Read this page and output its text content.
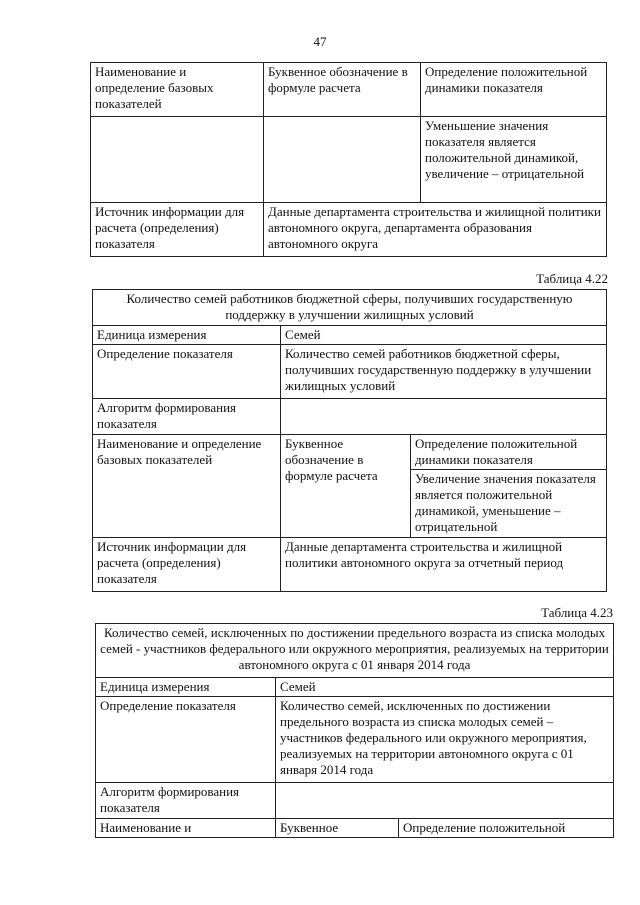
47
Наименование и определение базовых показателей	Буквенное обозначение в формуле расчета	Определение положительной динамики показателя
		Уменьшение значения показателя является положительной динамикой, увеличение – отрицательной
Источник информации для расчета (определения) показателя	Данные департамента строительства и жилищной политики автономного округа, департамента образования автономного округа	
Таблица 4.22
Количество семей работников бюджетной сферы, получивших государственную поддержку в улучшении жилищных условий		
Единица измерения	Семей	
Определение показателя	Количество семей работников бюджетной сферы, получивших государственную поддержку в улучшении жилищных условий	
Алгоритм формирования показателя		
Наименование и определение базовых показателей	Буквенное обозначение в формуле расчета	Определение положительной динамики показателя
		Увеличение значения показателя является положительной динамикой, уменьшение – отрицательной
Источник информации для расчета (определения) показателя	Данные департамента строительства и жилищной политики автономного округа за отчетный период	
Таблица 4.23
Количество семей, исключенных по достижении предельного возраста из списка молодых семей - участников федерального или окружного мероприятия, реализуемых на территории автономного округа с 01 января 2014 года		
Единица измерения	Семей	
Определение показателя	Количество семей, исключенных по достижении предельного возраста из списка молодых семей – участников федерального или окружного мероприятия, реализуемых на территории автономного округа с 01 января 2014 года	
Алгоритм формирования показателя		
Наименование и	Буквенное	Определение положительной
